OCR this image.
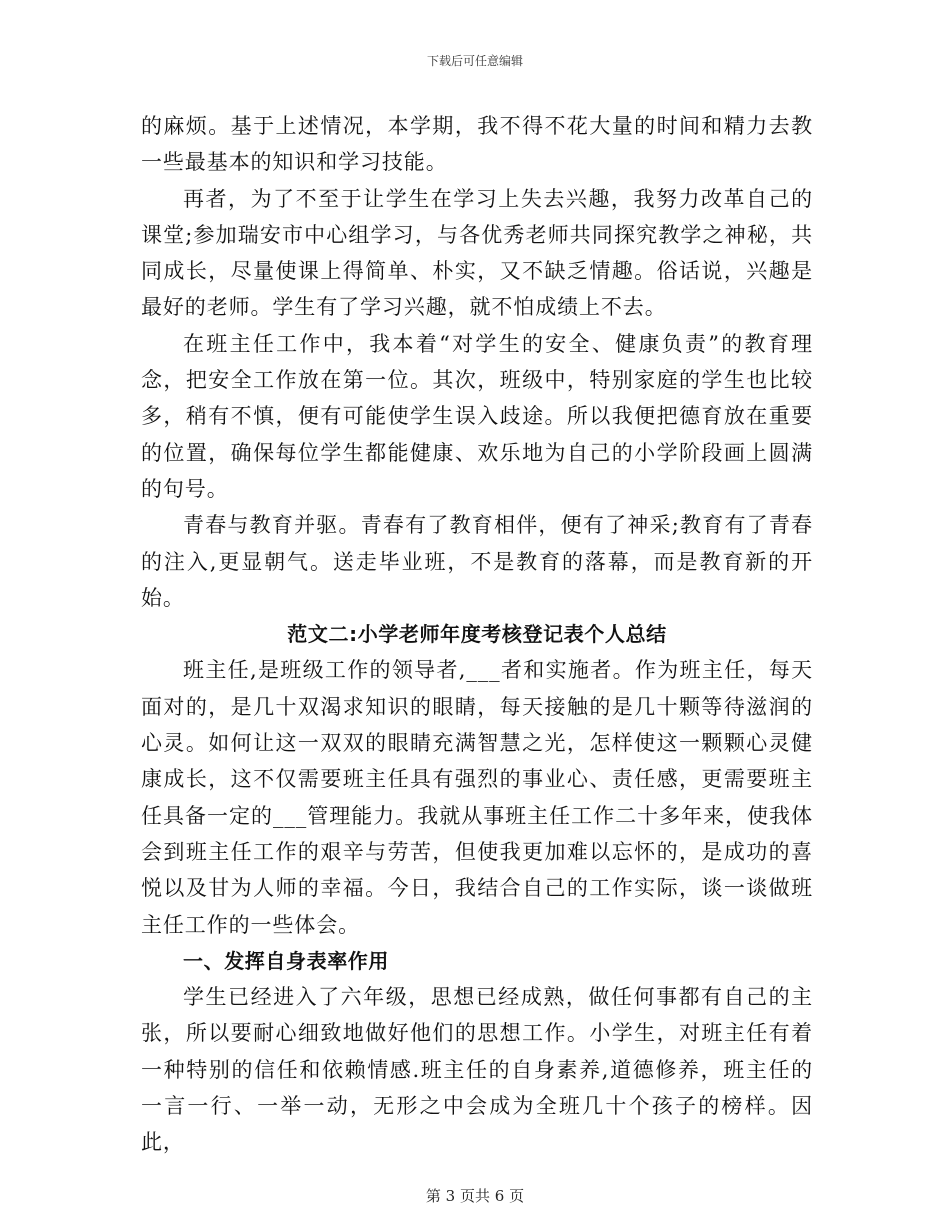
下载后可任意编辑

的麻烦。基于上述情况，本学期，我不得不花大量的时间和精力去教一些最基本的知识和学习技能。

再者，为了不至于让学生在学习上失去兴趣，我努力改革自己的课堂;参加瑞安市中心组学习，与各优秀老师共同探究教学之神秘，共同成长，尽量使课上得简单、朴实，又不缺乏情趣。俗话说，兴趣是最好的老师。学生有了学习兴趣，就不怕成绩上不去。

在班主任工作中，我本着“对学生的安全、健康负责”的教育理念，把安全工作放在第一位。其次，班级中，特别家庭的学生也比较多，稍有不慎，便有可能使学生误入歧途。所以我便把德育放在重要的位置，确保每位学生都能健康、欢乐地为自己的小学阶段画上圆满的句号。

青春与教育并驱。青春有了教育相伴，便有了神采;教育有了青春的注入,更显朝气。送走毕业班，不是教育的落幕，而是教育新的开始。

范文二:小学老师年度考核登记表个人总结

班主任,是班级工作的领导者,___者和实施者。作为班主任，每天面对的，是几十双渴求知识的眼睛，每天接触的是几十颗等待滋润的心灵。如何让这一双双的眼睛充满智慧之光，怎样使这一颗颗心灵健康成长，这不仅需要班主任具有强烈的事业心、责任感，更需要班主任具备一定的___管理能力。我就从事班主任工作二十多年来，使我体会到班主任工作的艰辛与劳苦，但使我更加难以忘怀的，是成功的喜悦以及甘为人师的幸福。今日，我结合自己的工作实际，谈一谈做班主任工作的一些体会。

一、发挥自身表率作用

学生已经进入了六年级，思想已经成熟，做任何事都有自己的主张，所以要耐心细致地做好他们的思想工作。小学生，对班主任有着一种特别的信任和依赖情感.班主任的自身素养,道德修养，班主任的一言一行、一举一动，无形之中会成为全班几十个孩子的榜样。因此，

第 3 页共 6 页
